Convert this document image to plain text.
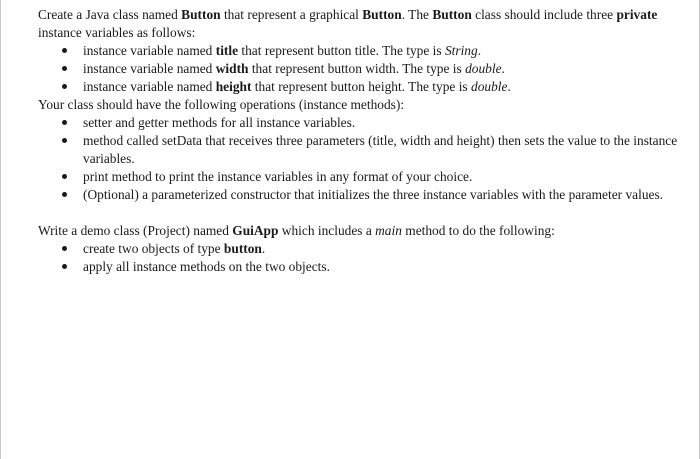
Create a Java class named Button that represent a graphical Button. The Button class should include three private instance variables as follows:

instance variable named title that represent button title. The type is String.
instance variable named width that represent button width. The type is double.
instance variable named height that represent button height. The type is double.

Your class should have the following operations (instance methods):

setter and getter methods for all instance variables.
method called setData that receives three parameters (title, width and height) then sets the value to the instance variables.
print method to print the instance variables in any format of your choice.
(Optional) a parameterized constructor that initializes the three instance variables with the parameter values.

Write a demo class (Project) named GuiApp which includes a main method to do the following:

create two objects of type button.
apply all instance methods on the two objects.
